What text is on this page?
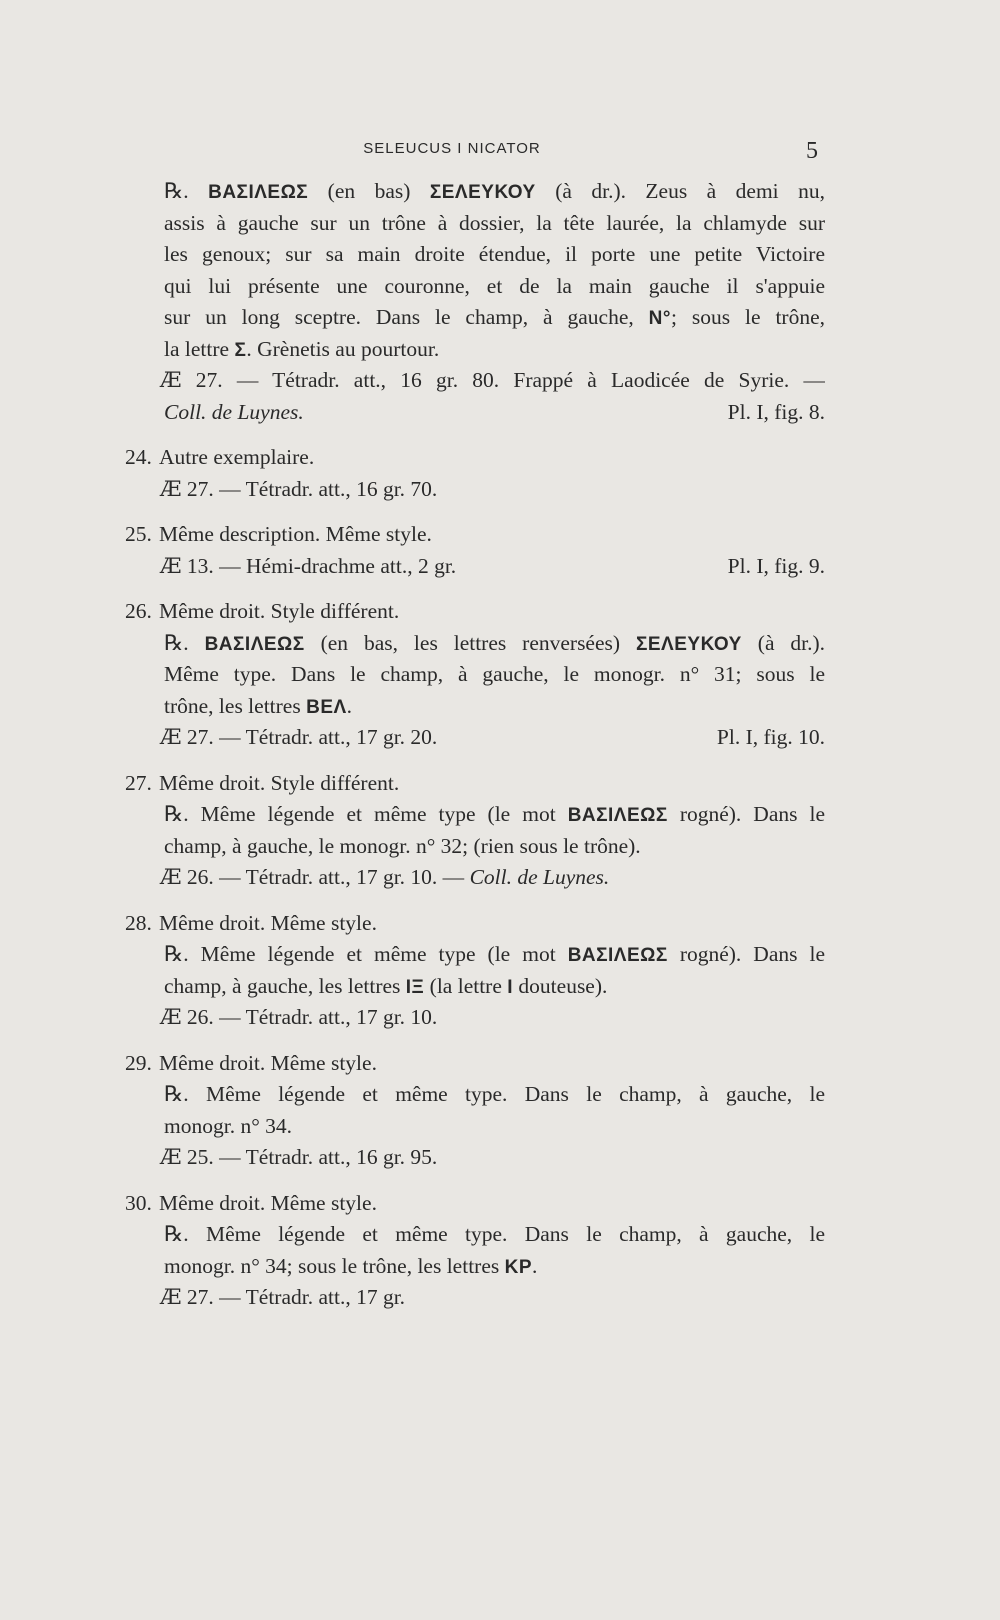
SELEUCUS I NICATOR	5
℞. ΒΑΣΙΛΕΩΣ (en bas) ΣΕΛΕΥΚΟΥ (à dr.). Zeus à demi nu,
assis à gauche sur un trône à dossier, la tête laurée, la chlamyde sur
les genoux; sur sa main droite étendue, il porte une petite Victoire
qui lui présente une couronne, et de la main gauche il s'appuie
sur un long sceptre. Dans le champ, à gauche, N°; sous le trône,
la lettre Σ. Grènetis au pourtour.
Æ 27. — Tétradr. att., 16 gr. 80. Frappé à Laodicée de Syrie. —
Coll. de Luynes.	Pl. I, fig. 8.
24. Autre exemplaire.
Æ 27. — Tétradr. att., 16 gr. 70.
25. Même description. Même style.
Æ 13. — Hémi-drachme att., 2 gr.	Pl. I, fig. 9.
26. Même droit. Style différent.
℞. ΒΑΣΙΛΕΩΣ (en bas, les lettres renversées) ΣΕΛΕΥΚΟΥ (à dr.).
Même type. Dans le champ, à gauche, le monogr. n° 31; sous le
trône, les lettres ΒΕΛ.
Æ 27. — Tétradr. att., 17 gr. 20.	Pl. I, fig. 10.
27. Même droit. Style différent.
℞. Même légende et même type (le mot ΒΑΣΙΛΕΩΣ rogné). Dans le
champ, à gauche, le monogr. n° 32; (rien sous le trône).
Æ 26. — Tétradr. att., 17 gr. 10. — Coll. de Luynes.
28. Même droit. Même style.
℞. Même légende et même type (le mot ΒΑΣΙΛΕΩΣ rogné). Dans le
champ, à gauche, les lettres IΞ (la lettre I douteuse).
Æ 26. — Tétradr. att., 17 gr. 10.
29. Même droit. Même style.
℞. Même légende et même type. Dans le champ, à gauche, le
monogr. n° 34.
Æ 25. — Tétradr. att., 16 gr. 95.
30. Même droit. Même style.
℞. Même légende et même type. Dans le champ, à gauche, le
monogr. n° 34; sous le trône, les lettres ΚΡ.
Æ 27. — Tétradr. att., 17 gr.
